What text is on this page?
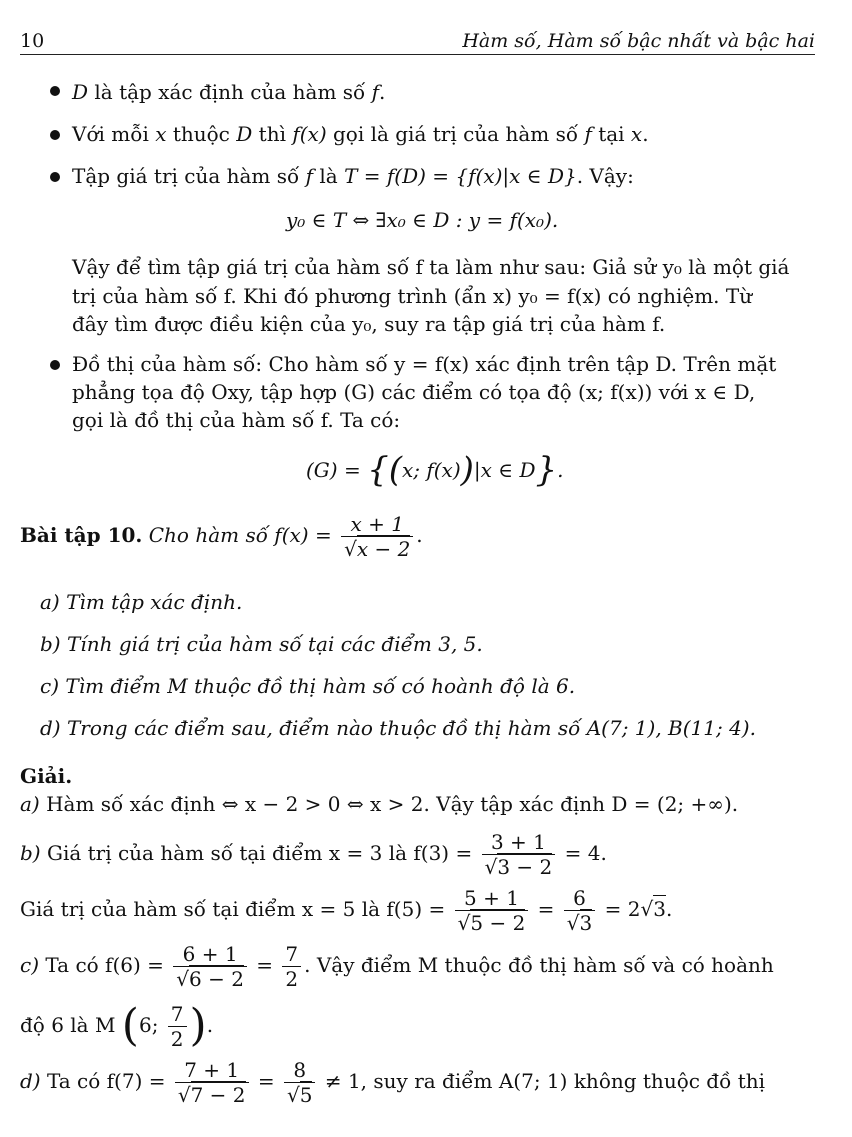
10	Hàm số, Hàm số bậc nhất và bậc hai
D là tập xác định của hàm số f.
Với mỗi x thuộc D thì f(x) gọi là giá trị của hàm số f tại x.
Tập giá trị của hàm số f là T = f(D) = {f(x)|x ∈ D}. Vậy:
y₀ ∈ T ⇔ ∃x₀ ∈ D : y = f(x₀).
Vậy để tìm tập giá trị của hàm số f ta làm như sau: Giả sử y₀ là một giá
trị của hàm số f. Khi đó phương trình (ẩn x) y₀ = f(x) có nghiệm. Từ
đây tìm được điều kiện của y₀, suy ra tập giá trị của hàm f.
Đồ thị của hàm số: Cho hàm số y = f(x) xác định trên tập D. Trên mặt
phẳng tọa độ Oxy, tập hợp (G) các điểm có tọa độ (x; f(x)) với x ∈ D,
gọi là đồ thị của hàm số f. Ta có:
(G) = {(x; f(x))|x ∈ D}.
Bài tập 10. Cho hàm số $f(x) = \frac{x + 1}{√x - 2}$ .
a) Tìm tập xác định.
b) Tính giá trị của hàm số tại các điểm 3, 5.
c) Tìm điểm M thuộc đồ thị hàm số có hoành độ là 6.
d) Trong các điểm sau, điểm nào thuộc đồ thị hàm số A(7; 1), B(11; 4).
Giải.
a) Hàm số xác định ⇔ x − 2 > 0 ⇔ x > 2. Vậy tập xác định D = (2; +∞).
b) Giá trị của hàm số tại điểm x = 3 là $f(3) = \frac{3 + 1}{√3 - 2} = 4$.
Giá trị của hàm số tại điểm x = 5 là $f(5) = \frac{5 + 1}{√5 - 2} = \frac{6}{√3} = 2√3$.
c) Ta có $f(6) = \frac{6 + 1}{√6 - 2} = \frac{7}{2}$ . Vậy điểm M thuộc đồ thị hàm số và có hoành
độ 6 là M (6; $\frac{7}{2}$ ).
d) Ta có $f(7) = \frac{7 + 1}{√7 - 2} = \frac{8}{√5} \ne 1$, suy ra điểm A(7; 1) không thuộc đồ thị
